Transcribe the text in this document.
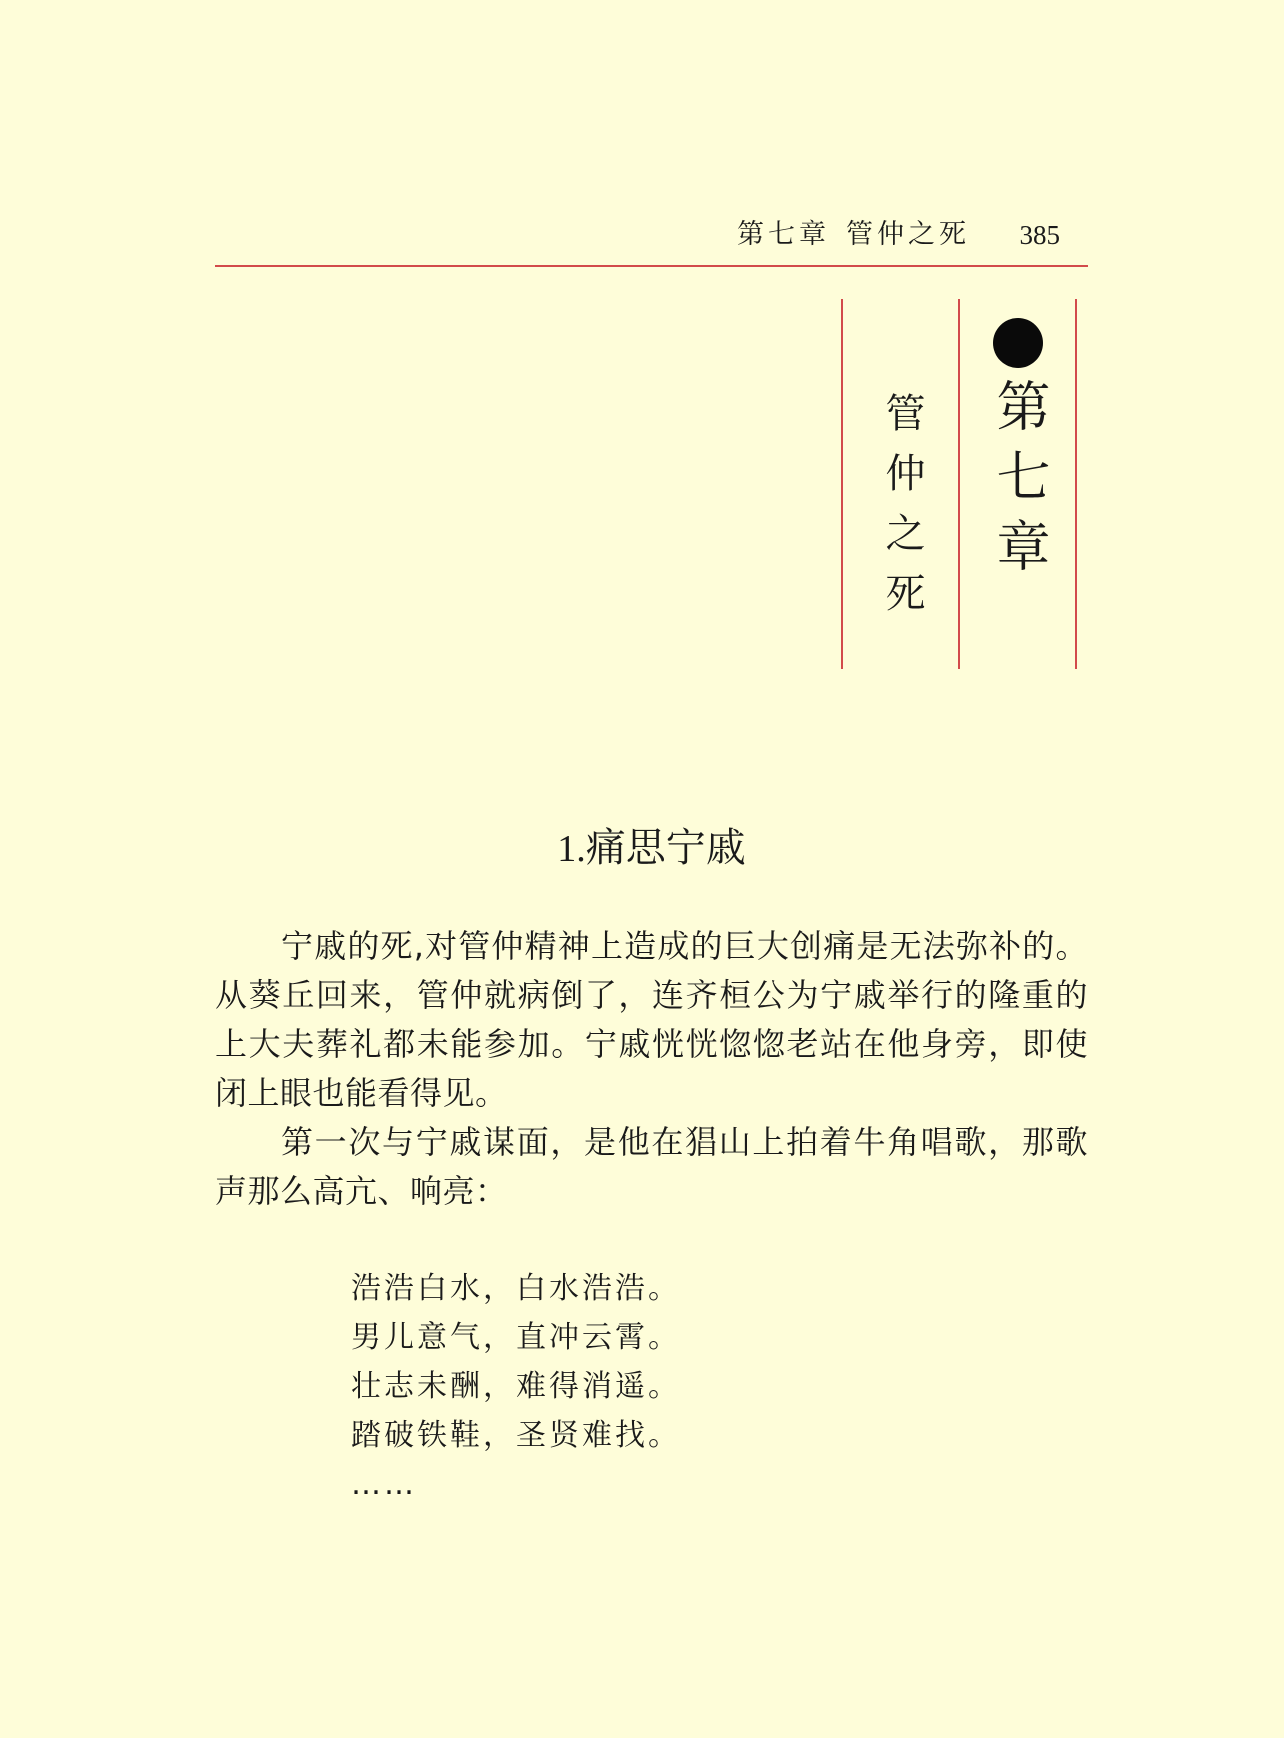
第七章 管仲之死 385
第七章
管仲之死
1.痛思宁戚

宁戚的死,对管仲精神上造成的巨大创痛是无法弥补的。从葵丘回来，管仲就病倒了，连齐桓公为宁戚举行的隆重的上大夫葬礼都未能参加。宁戚恍恍惚惚老站在他身旁，即使闭上眼也能看得见。

第一次与宁戚谋面，是他在猖山上拍着牛角唱歌，那歌声那么高亢、响亮：

浩浩白水，白水浩浩。
男儿意气，直冲云霄。
壮志未酬，难得消遥。
踏破铁鞋，圣贤难找。
……
